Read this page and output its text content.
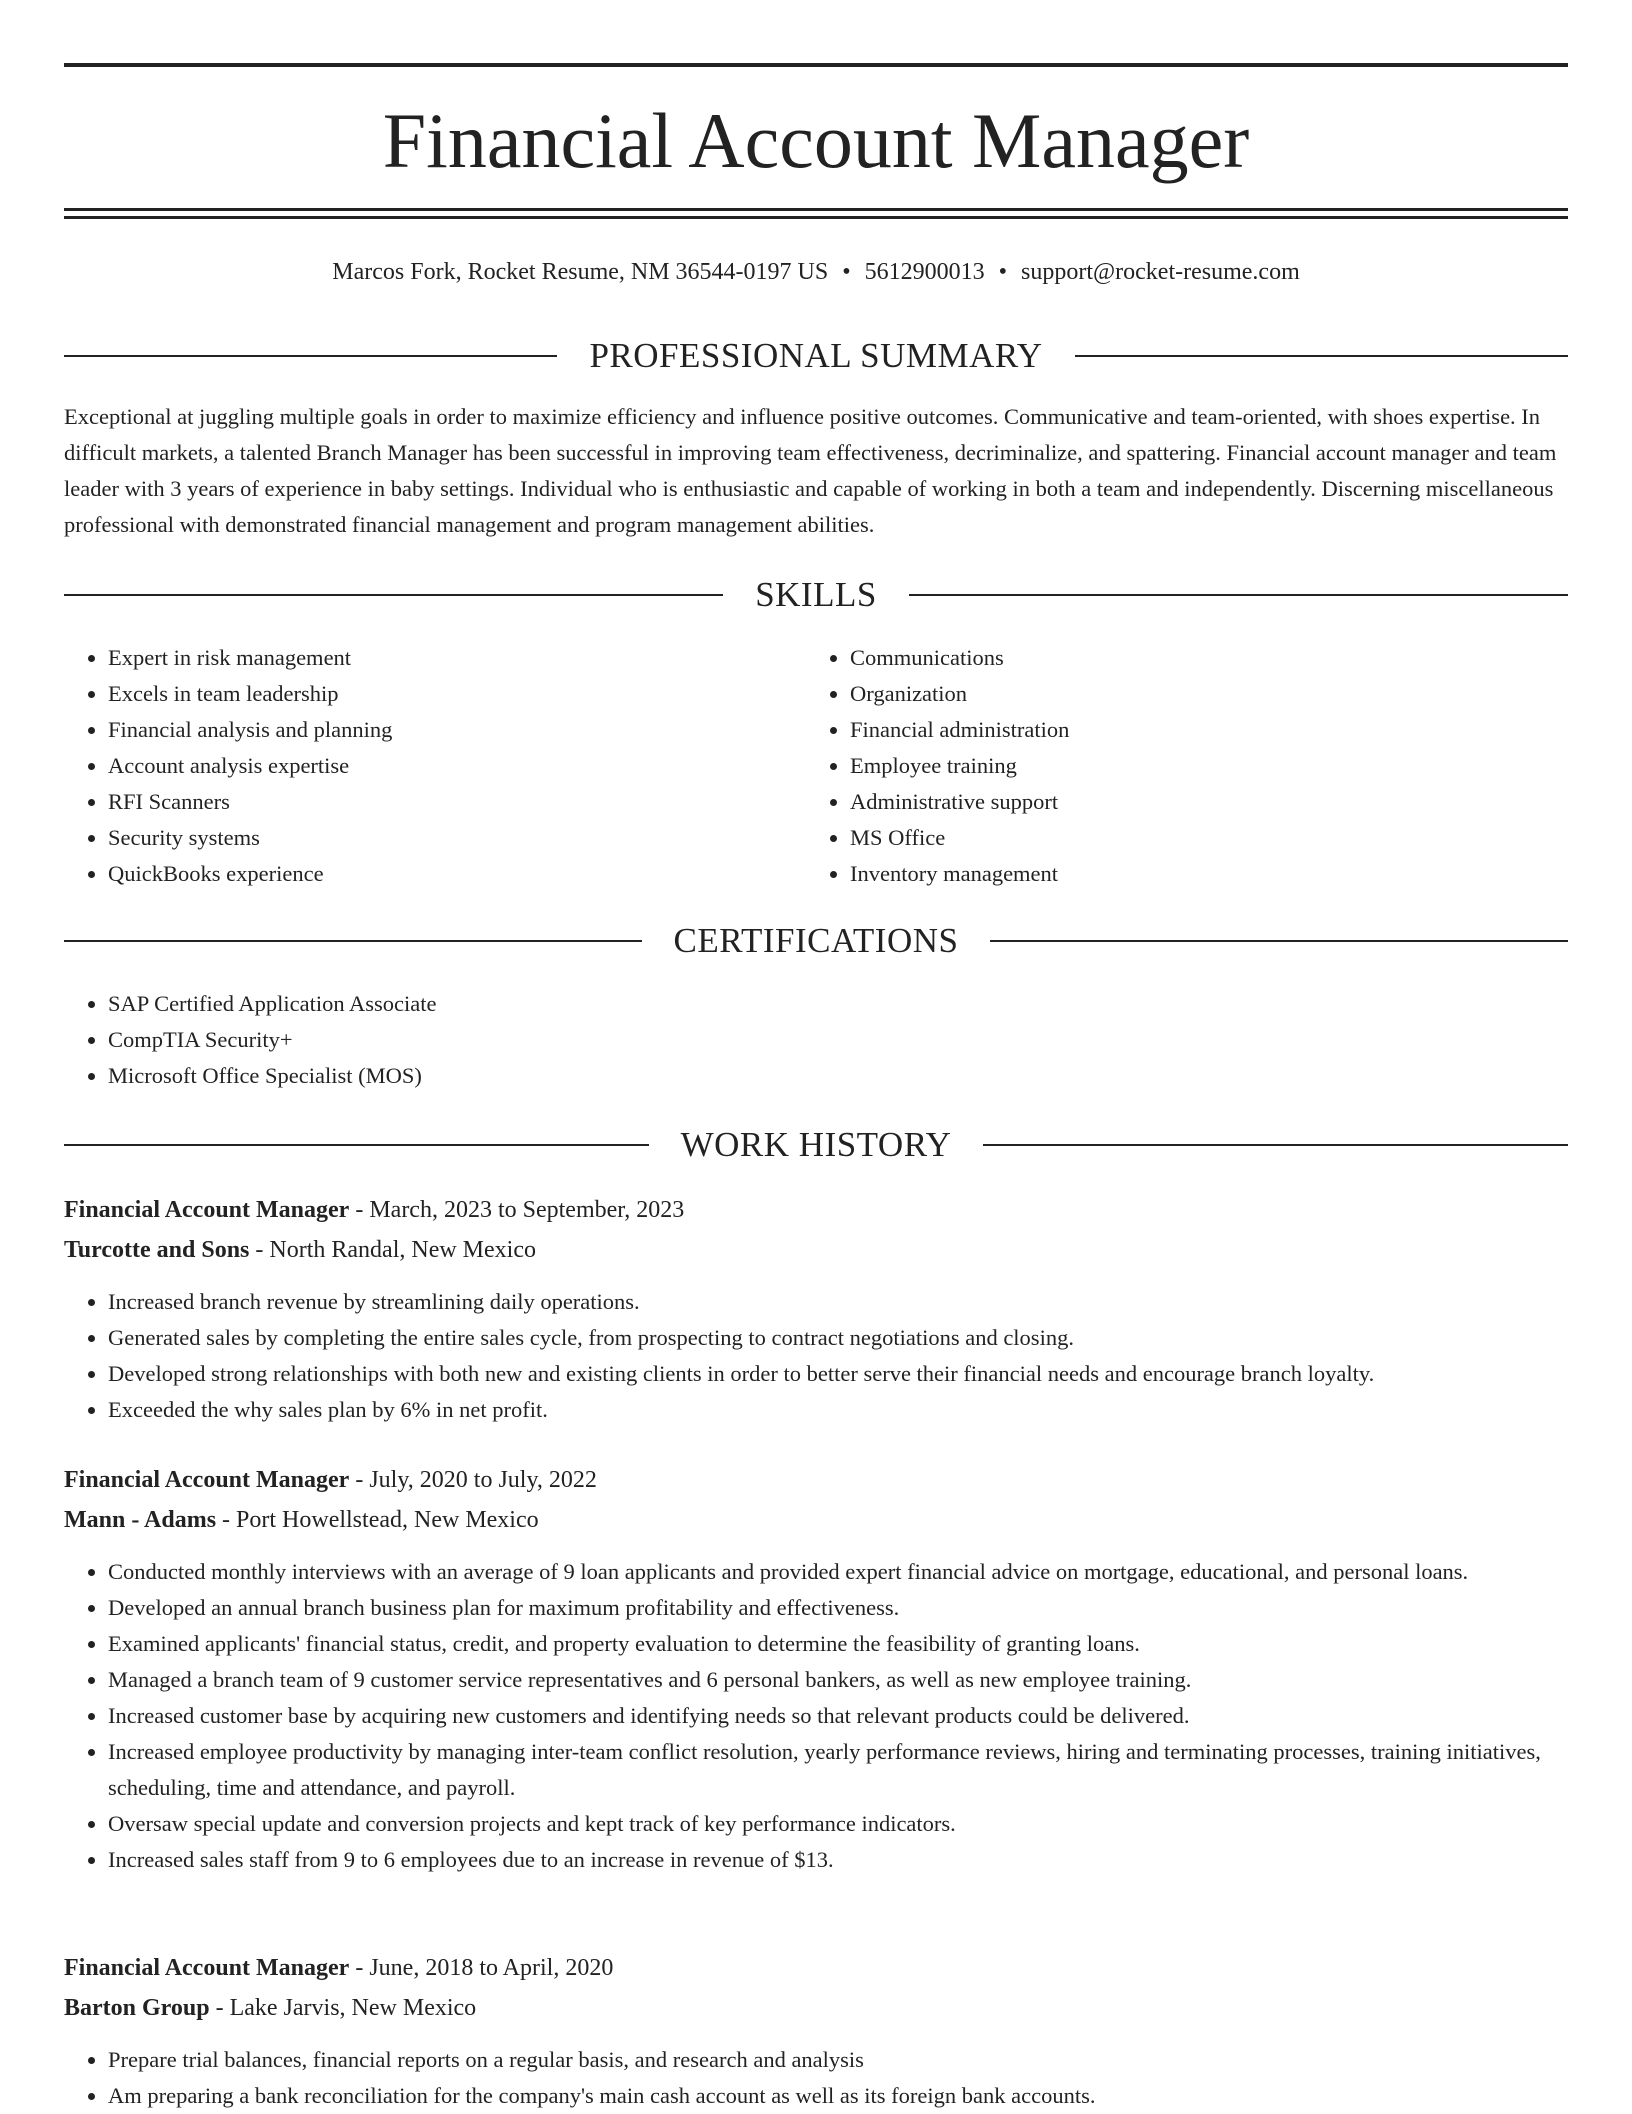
Financial Account Manager
Marcos Fork, Rocket Resume, NM 36544-0197 US • 5612900013 • support@rocket-resume.com
PROFESSIONAL SUMMARY
Exceptional at juggling multiple goals in order to maximize efficiency and influence positive outcomes. Communicative and team-oriented, with shoes expertise. In difficult markets, a talented Branch Manager has been successful in improving team effectiveness, decriminalize, and spattering. Financial account manager and team leader with 3 years of experience in baby settings. Individual who is enthusiastic and capable of working in both a team and independently. Discerning miscellaneous professional with demonstrated financial management and program management abilities.
SKILLS
• Expert in risk management
• Excels in team leadership
• Financial analysis and planning
• Account analysis expertise
• RFI Scanners
• Security systems
• QuickBooks experience
• Communications
• Organization
• Financial administration
• Employee training
• Administrative support
• MS Office
• Inventory management
CERTIFICATIONS
• SAP Certified Application Associate
• CompTIA Security+
• Microsoft Office Specialist (MOS)
WORK HISTORY
Financial Account Manager - March, 2023 to September, 2023
Turcotte and Sons - North Randal, New Mexico
• Increased branch revenue by streamlining daily operations.
• Generated sales by completing the entire sales cycle, from prospecting to contract negotiations and closing.
• Developed strong relationships with both new and existing clients in order to better serve their financial needs and encourage branch loyalty.
• Exceeded the why sales plan by 6% in net profit.
Financial Account Manager - July, 2020 to July, 2022
Mann - Adams - Port Howellstead, New Mexico
• Conducted monthly interviews with an average of 9 loan applicants and provided expert financial advice on mortgage, educational, and personal loans.
• Developed an annual branch business plan for maximum profitability and effectiveness.
• Examined applicants' financial status, credit, and property evaluation to determine the feasibility of granting loans.
• Managed a branch team of 9 customer service representatives and 6 personal bankers, as well as new employee training.
• Increased customer base by acquiring new customers and identifying needs so that relevant products could be delivered.
• Increased employee productivity by managing inter-team conflict resolution, yearly performance reviews, hiring and terminating processes, training initiatives, scheduling, time and attendance, and payroll.
• Oversaw special update and conversion projects and kept track of key performance indicators.
• Increased sales staff from 9 to 6 employees due to an increase in revenue of $13.
Financial Account Manager - June, 2018 to April, 2020
Barton Group - Lake Jarvis, New Mexico
• Prepare trial balances, financial reports on a regular basis, and research and analysis
• Am preparing a bank reconciliation for the company's main cash account as well as its foreign bank accounts.
